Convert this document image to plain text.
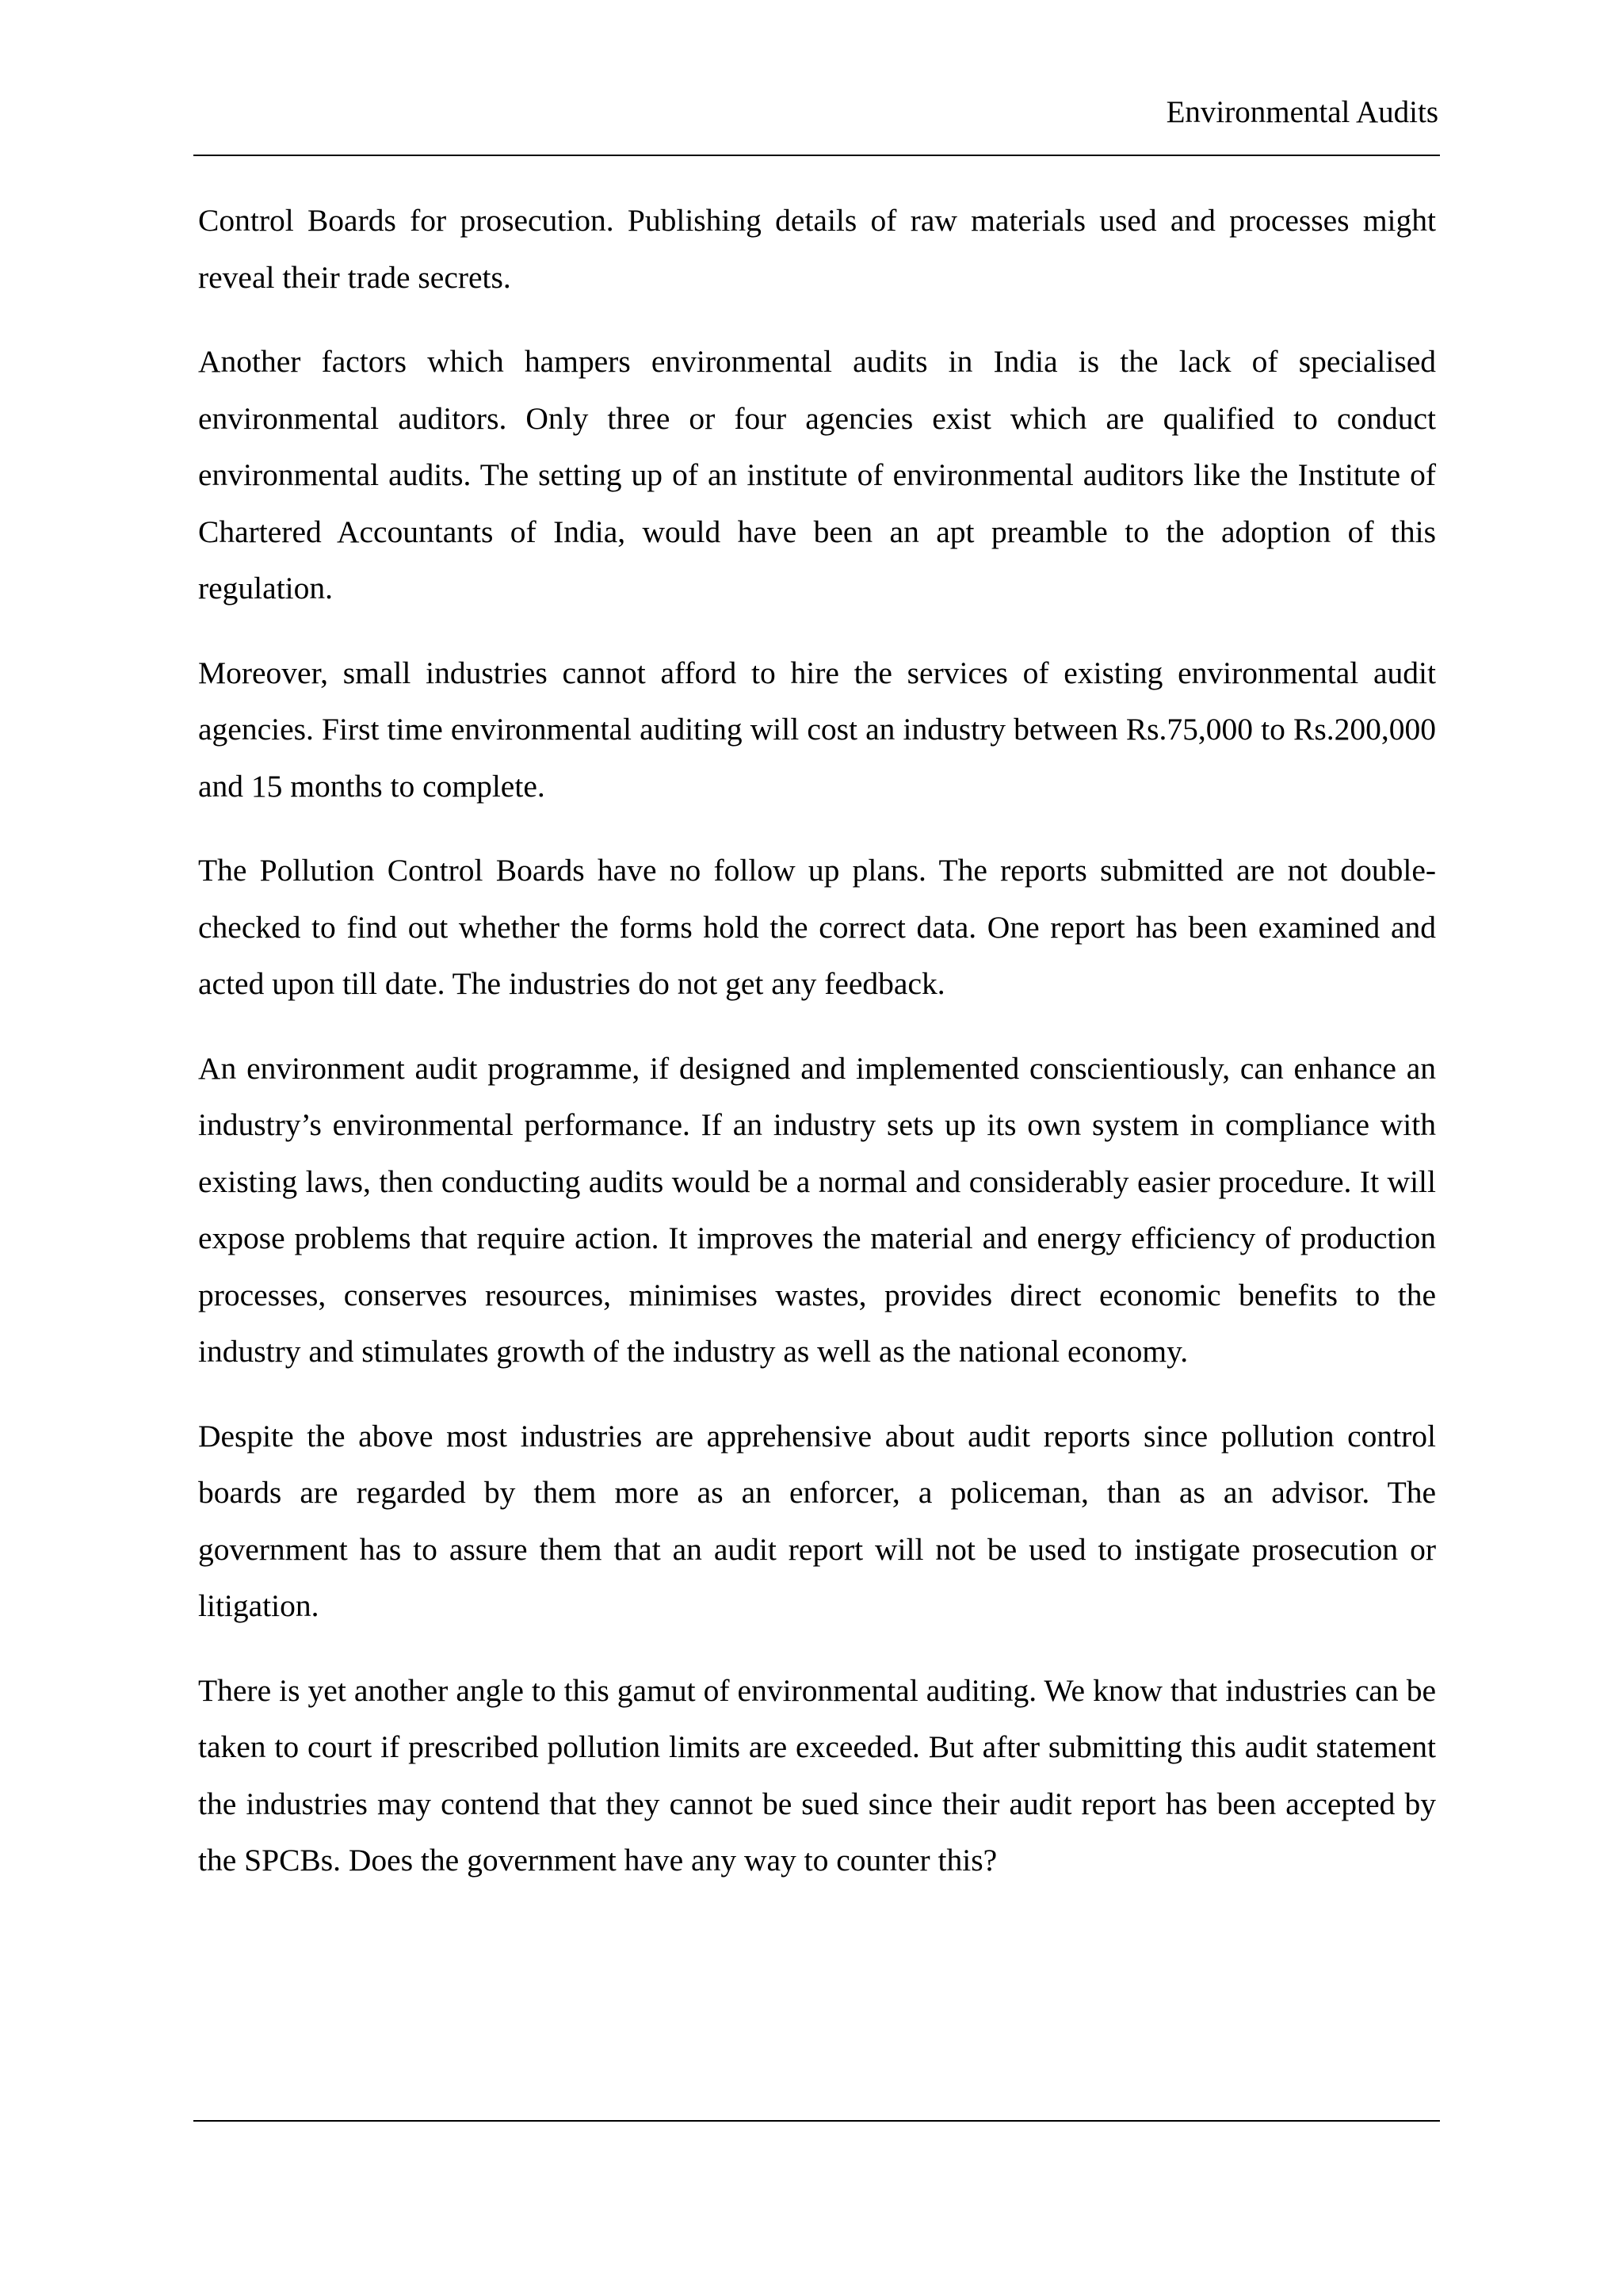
Environmental Audits

Control Boards for prosecution. Publishing details of raw materials used and processes might reveal their trade secrets.

Another factors which hampers environmental audits in India is the lack of specialised environmental auditors. Only three or four agencies exist which are qualified to conduct environmental audits. The setting up of an institute of environmental auditors like the Institute of Chartered Accountants of India, would have been an apt preamble to the adoption of this regulation.

Moreover, small industries cannot afford to hire the services of existing environmental audit agencies. First time environmental auditing will cost an industry between Rs.75,000 to Rs.200,000 and 15 months to complete.

The Pollution Control Boards have no follow up plans. The reports submitted are not double-checked to find out whether the forms hold the correct data. One report has been examined and acted upon till date. The industries do not get any feedback.

An environment audit programme, if designed and implemented conscientiously, can enhance an industry’s environmental performance. If an industry sets up its own system in compliance with existing laws, then conducting audits would be a normal and considerably easier procedure. It will expose problems that require action. It improves the material and energy efficiency of production processes, conserves resources, minimises wastes, provides direct economic benefits to the industry and stimulates growth of the industry as well as the national economy.

Despite the above most industries are apprehensive about audit reports since pollution control boards are regarded by them more as an enforcer, a policeman, than as an advisor. The government has to assure them that an audit report will not be used to instigate prosecution or litigation.

There is yet another angle to this gamut of environmental auditing. We know that industries can be taken to court if prescribed pollution limits are exceeded. But after submitting this audit statement the industries may contend that they cannot be sued since their audit report has been accepted by the SPCBs. Does the government have any way to counter this?
